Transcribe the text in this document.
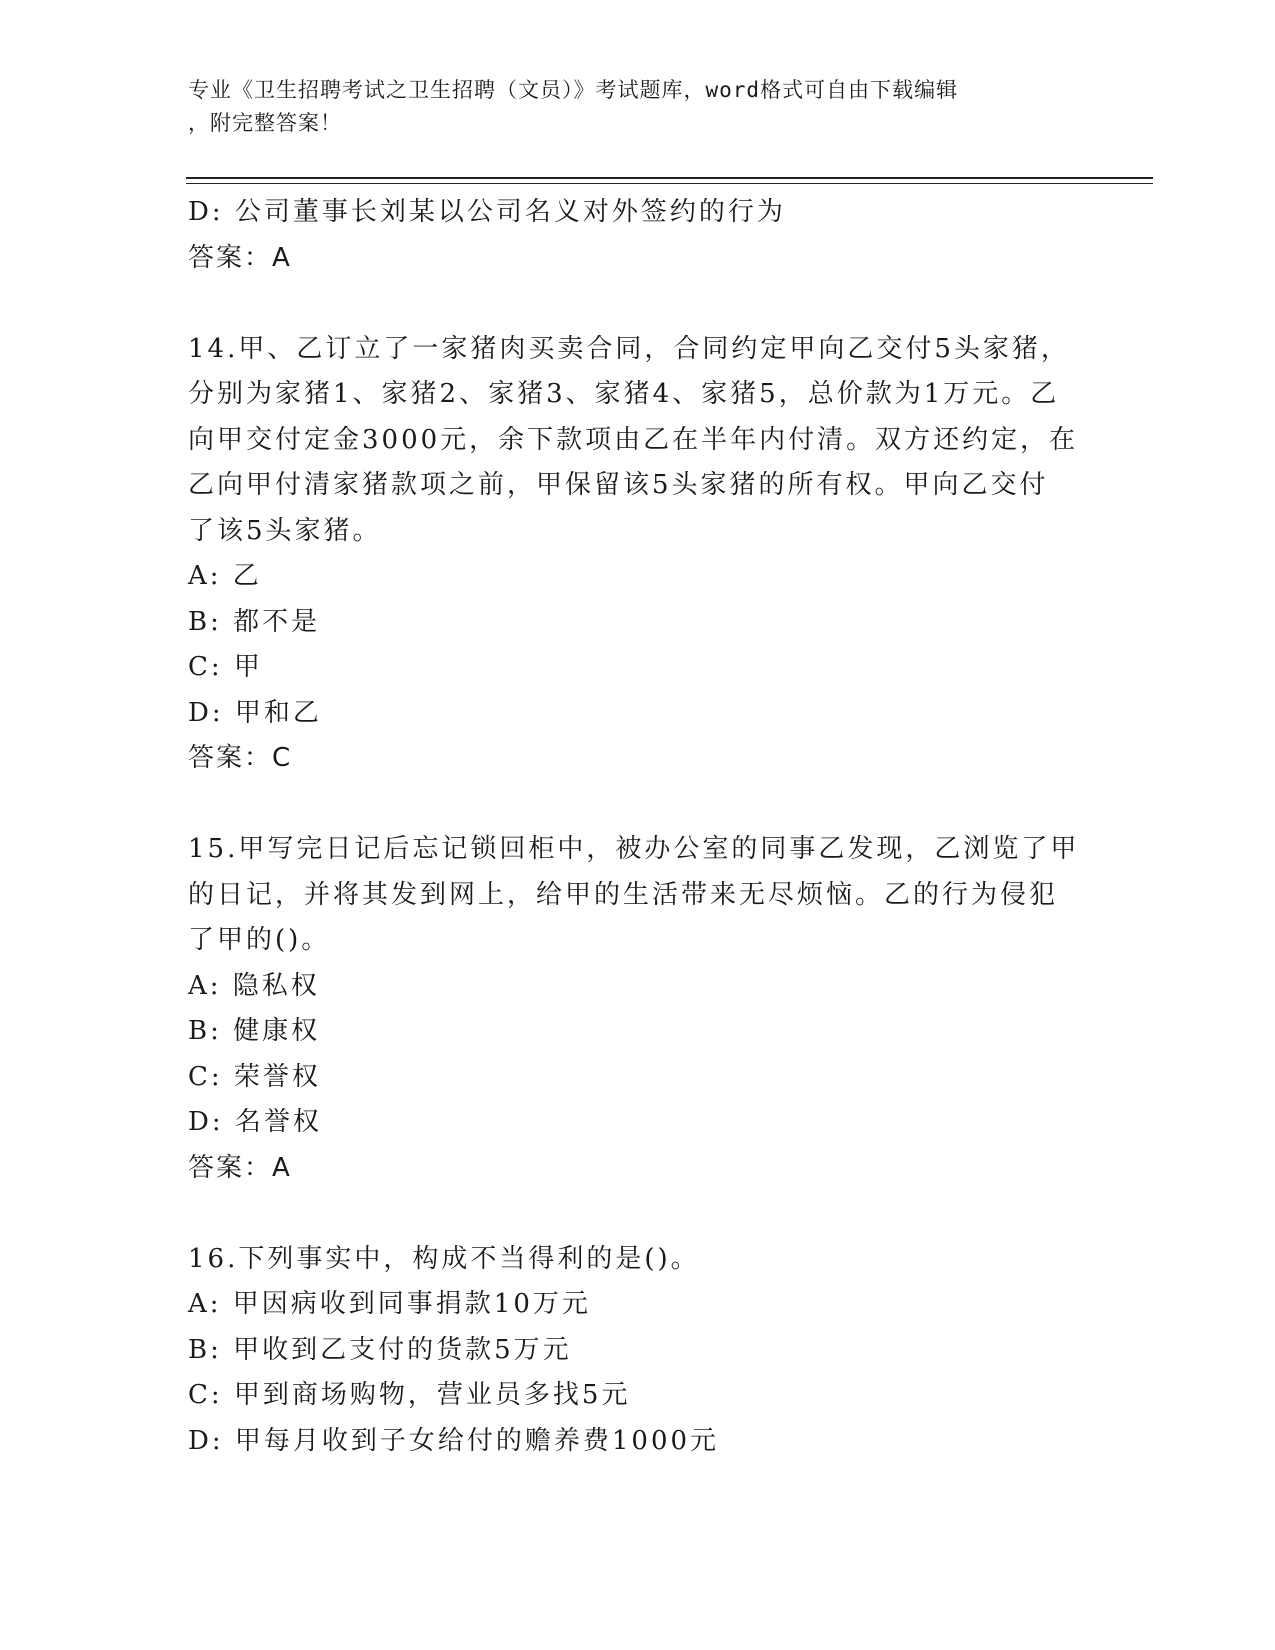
专业《卫生招聘考试之卫生招聘（文员）》考试题库，word格式可自由下载编辑
，附完整答案！
D: 公司董事长刘某以公司名义对外签约的行为
答案：A
14.甲、乙订立了一家猪肉买卖合同，合同约定甲向乙交付5头家猪，
分别为家猪1、家猪2、家猪3、家猪4、家猪5，总价款为1万元。乙
向甲交付定金3000元，余下款项由乙在半年内付清。双方还约定，在
乙向甲付清家猪款项之前，甲保留该5头家猪的所有权。甲向乙交付
了该5头家猪。
A: 乙
B: 都不是
C: 甲
D: 甲和乙
答案：C
15.甲写完日记后忘记锁回柜中，被办公室的同事乙发现，乙浏览了甲
的日记，并将其发到网上，给甲的生活带来无尽烦恼。乙的行为侵犯
了甲的()。
A: 隐私权
B: 健康权
C: 荣誉权
D: 名誉权
答案：A
16.下列事实中，构成不当得利的是()。
A: 甲因病收到同事捐款10万元
B: 甲收到乙支付的货款5万元
C: 甲到商场购物，营业员多找5元
D: 甲每月收到子女给付的赡养费1000元
